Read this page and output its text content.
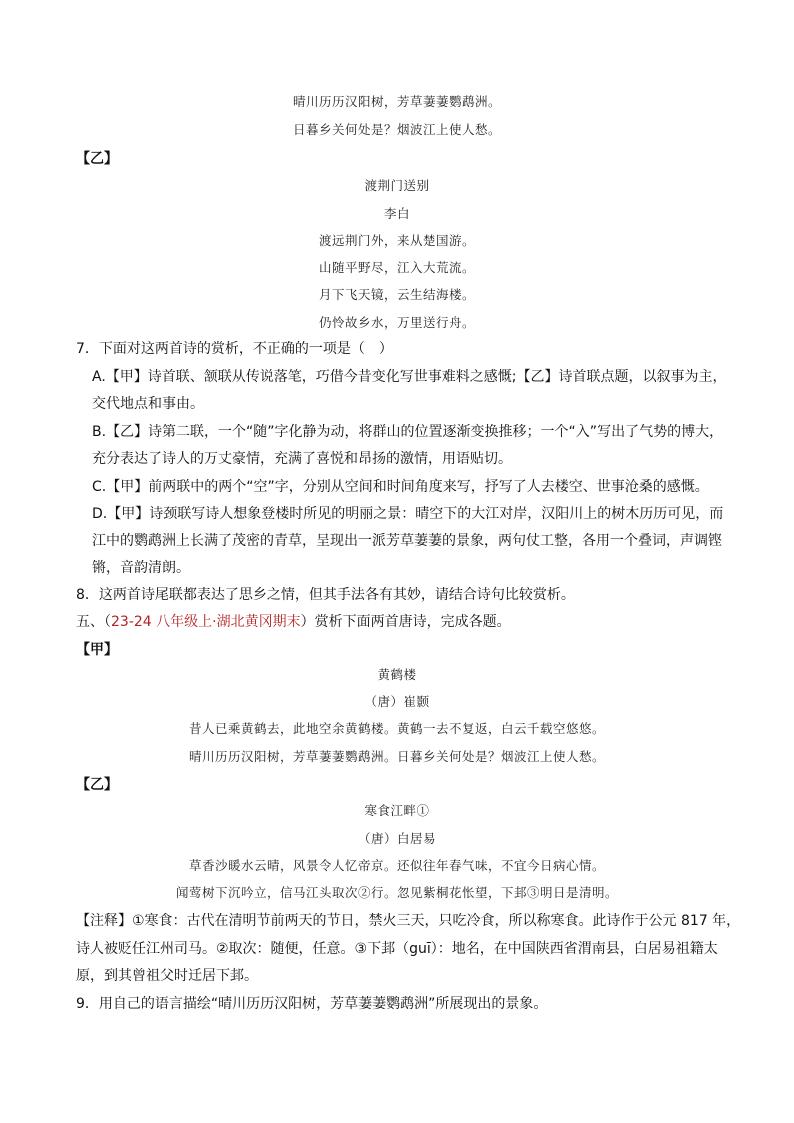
晴川历历汉阳树，芳草萋萋鹦鹉洲。
日暮乡关何处是？烟波江上使人愁。
【乙】
渡荆门送别
李白
渡远荆门外，来从楚国游。
山随平野尽，江入大荒流。
月下飞天镜，云生结海楼。
仍怜故乡水，万里送行舟。
7．下面对这两首诗的赏析，不正确的一项是（　）
A.【甲】诗首联、颔联从传说落笔，巧借今昔变化写世事难料之感慨;【乙】诗首联点题，以叙事为主，
交代地点和事由。
B.【乙】诗第二联，一个“随”字化静为动，将群山的位置逐渐变换推移；一个“入”写出了气势的博大，
充分表达了诗人的万丈豪情，充满了喜悦和昂扬的激情，用语贴切。
C.【甲】前两联中的两个“空”字，分别从空间和时间角度来写，抒写了人去楼空、世事沧桑的感慨。
D.【甲】诗颈联写诗人想象登楼时所见的明丽之景：晴空下的大江对岸，汉阳川上的树木历历可见，而
江中的鹦鹉洲上长满了茂密的青草，呈现出一派芳草萋萋的景象，两句仗工整，各用一个叠词，声调铿
锵，音韵清朗。
8．这两首诗尾联都表达了思乡之情，但其手法各有其妙，请结合诗句比较赏析。
五、（23-24 八年级上·湖北黄冈期末）赏析下面两首唐诗，完成各题。
【甲】
黄鹤楼
（唐）崔颢
昔人已乘黄鹤去，此地空余黄鹤楼。黄鹤一去不复返，白云千载空悠悠。
晴川历历汉阳树，芳草萋萋鹦鹉洲。日暮乡关何处是？烟波江上使人愁。
【乙】
寒食江畔①
（唐）白居易
草香沙暖水云晴，风景令人忆帝京。还似往年春气味，不宜今日病心情。
闻莺树下沉吟立，信马江头取次②行。忽见紫桐花怅望，下邽③明日是清明。
【注释】①寒食：古代在清明节前两天的节日，禁火三天，只吃冷食，所以称寒食。此诗作于公元 817 年，
诗人被贬任江州司马。②取次：随便，任意。③下邽（guī）：地名，在中国陕西省渭南县，白居易祖籍太
原，到其曾祖父时迁居下邽。
9．用自己的语言描绘“晴川历历汉阳树，芳草萋萋鹦鹉洲”所展现出的景象。
